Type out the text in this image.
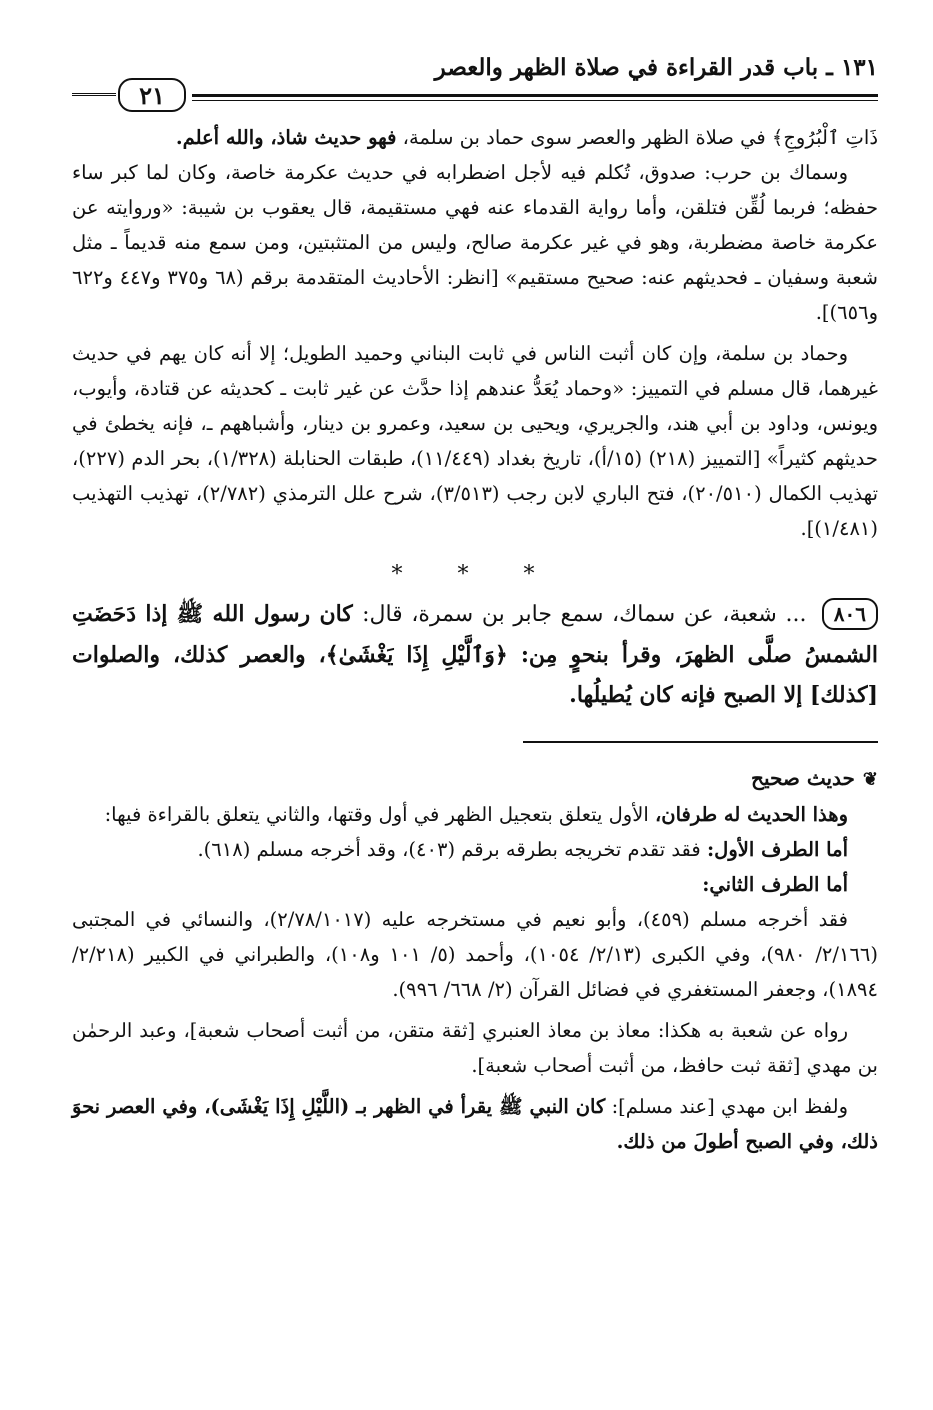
١٣١ ـ باب قدر القراءة في صلاة الظهر والعصر
٢١

ذَاتِ ٱلْبُرُوجِ﴾ في صلاة الظهر والعصر سوى حماد بن سلمة، فهو حديث شاذ، والله أعلم.

وسماك بن حرب: صدوق، تُكلم فيه لأجل اضطرابه في حديث عكرمة خاصة، وكان لما كبر ساء حفظه؛ فربما لُقِّن فتلقن، وأما رواية القدماء عنه فهي مستقيمة، قال يعقوب بن شيبة: «وروايته عن عكرمة خاصة مضطربة، وهو في غير عكرمة صالح، وليس من المتثبتين، ومن سمع منه قديماً ـ مثل شعبة وسفيان ـ فحديثهم عنه: صحيح مستقيم» [انظر: الأحاديث المتقدمة برقم (٦٨ و٣٧٥ و٤٤٧ و٦٢٢ و٦٥٦)].

وحماد بن سلمة، وإن كان أثبت الناس في ثابت البناني وحميد الطويل؛ إلا أنه كان يهم في حديث غيرهما، قال مسلم في التمييز: «وحماد يُعَدُّ عندهم إذا حدَّث عن غير ثابت ـ كحديثه عن قتادة، وأيوب، ويونس، وداود بن أبي هند، والجريري، ويحيى بن سعيد، وعمرو بن دينار، وأشباههم ـ، فإنه يخطئ في حديثهم كثيراً» [التمييز (٢١٨) (١٥/أ)، تاريخ بغداد (١١/٤٤٩)، طبقات الحنابلة (١/٣٢٨)، بحر الدم (٢٢٧)، تهذيب الكمال (٢٠/٥١٠)، فتح الباري لابن رجب (٣/٥١٣)، شرح علل الترمذي (٢/٧٨٢)، تهذيب التهذيب (١/٤٨١)].

* * *
٨٠٦ ... شعبة، عن سماك، سمع جابر بن سمرة، قال: كان رسول الله ﷺ إذا دَحَضَتِ الشمسُ صلَّى الظهرَ، وقرأ بنحوٍ مِن: ﴿وَٱلَّيْلِ إِذَا يَغْشَىٰ﴾، والعصر كذلك، والصلوات [كذلك] إلا الصبح فإنه كان يُطيلُها.
❦حديث صحيح

وهذا الحديث له طرفان، الأول يتعلق بتعجيل الظهر في أول وقتها، والثاني يتعلق بالقراءة فيها:

أما الطرف الأول: فقد تقدم تخريجه بطرقه برقم (٤٠٣)، وقد أخرجه مسلم (٦١٨).

أما الطرف الثاني:

فقد أخرجه مسلم (٤٥٩)، وأبو نعيم في مستخرجه عليه (٢/٧٨/١٠١٧)، والنسائي في المجتبى (٢/١٦٦/ ٩٨٠)، وفي الكبرى (٢/١٣/ ١٠٥٤)، وأحمد (٥/ ١٠١ و١٠٨)، والطبراني في الكبير (٢/٢١٨/ ١٨٩٤)، وجعفر المستغفري في فضائل القرآن (٢/ ٦٦٨/ ٩٩٦).

رواه عن شعبة به هكذا: معاذ بن معاذ العنبري [ثقة متقن، من أثبت أصحاب شعبة]، وعبد الرحمٰن بن مهدي [ثقة ثبت حافظ، من أثبت أصحاب شعبة].

ولفظ ابن مهدي [عند مسلم]: كان النبي ﷺ يقرأ في الظهر بـ (اللَّيْلِ إِذَا يَغْشَى)، وفي العصر نحوَ ذلك، وفي الصبح أطولَ من ذلك.
